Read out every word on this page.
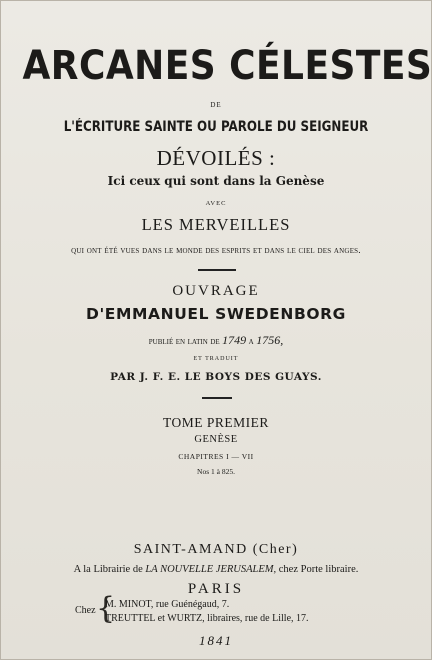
ARCANES CÉLESTES
DE
L'ÉCRITURE SAINTE OU PAROLE DU SEIGNEUR
DÉVOILÉS :
Ici ceux qui sont dans la Genèse
AVEC
LES MERVEILLES
qui ont été vues dans le monde des esprits et dans le ciel des anges.
OUVRAGE
D'EMMANUEL SWEDENBORG
publié en latin de 1749 a 1756,
ET TRADUIT
PAR J. F. E. LE BOYS DES GUAYS.
TOME PREMIER
GENÈSE
CHAPITRES I — VII
Nos 1 à 825.
SAINT-AMAND (Cher)
A la Librairie de LA NOUVELLE JERUSALEM, chez Porte libraire.
PARIS
Chez {
M. MINOT, rue Guénégaud, 7.
TREUTTEL et WURTZ, libraires, rue de Lille, 17.
1841
